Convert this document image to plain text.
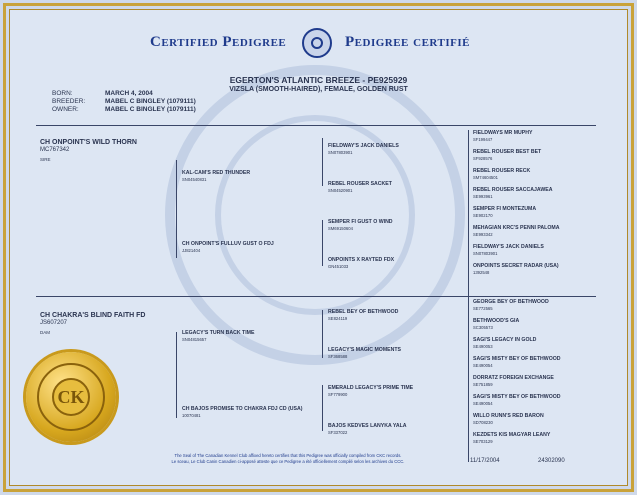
Certified Pedigree	Pedigree certifié
EGERTON'S ATLANTIC BREEZE - PE925929
VIZSLA (SMOOTH-HAIRED), FEMALE, GOLDEN RUST
BORN:	MARCH 4, 2004
BREEDER:	MABEL C BINGLEY (1079111)
OWNER:	MABEL C BINGLEY (1079111)
CH ONPOINT'S WILD THORN
MC767342
SIRE
CH CHAKRA'S BLIND FAITH FD
JS607207
DAM
KAL-CAM'S RED THUNDER
SN04540831
CH ONPOINT'S FULLUV GUST O FDJ
JJ821404
LEGACY'S TURN BACK TIME
SN04815657
CH BAJOS PROMISE TO CHAKRA FDJ CD (USA)
10070481
FIELDWAY'S JACK DANIELS
SN07803901
REBEL ROUSER SACKET
SN04520901
SEMPER FI GUST O WIND
SM69150604
ONPOINTS X RAYTED FDX
GN451033
REBEL BEY OF BETHWOOD
SE824119
LEGACY'S MAGIC MOMENTS
SF368588
EMERALD LEGACY'S PRIME TIME
SF779900
BAJOS KEDVES LANYKA YALA
SF337022
FIELDWAYS MR MUPHY
SF199447
REBEL ROUSER BEST BET
SF928576
REBEL ROUSER RECK
SM74604501
REBEL ROUSER SACCAJAWEA
SE993961
SEMPER FI MONTEZUMA
SE902170
MEHAGIAN KRC'S PENNI PALOMA
SE993342
FIELDWAY'S JACK DANIELS
SN07803901
ONPOINTS SECRET RADAR (USA)
1392548
GEORGE BEY OF BETHWOOD
SE772565
BETHWOOD'S GIA
SC305573
SAGI'S LEGACY IN GOLD
SE490053
SAGI'S MISTY BEY OF BETHWOOD
SE490054
DORRATZ FOREIGN EXCHANGE
SE751859
SAGI'S MISTY BEY OF BETHWOOD
SE490054
WILLO RUNN'S RED BARON
SD708230
KEZDETS KIS MAGYAR LEANY
SE703129
CK
The Seal of The Canadian Kennel Club affixed hereto certifies that this Pedigree was officially compiled from CKC records.
Le sceau, Le Club Canin Canadien ci-apposé atteste que ce Pedigree a été officiellement compilé selon les archives du CCC.	11/17/2004	24302090
